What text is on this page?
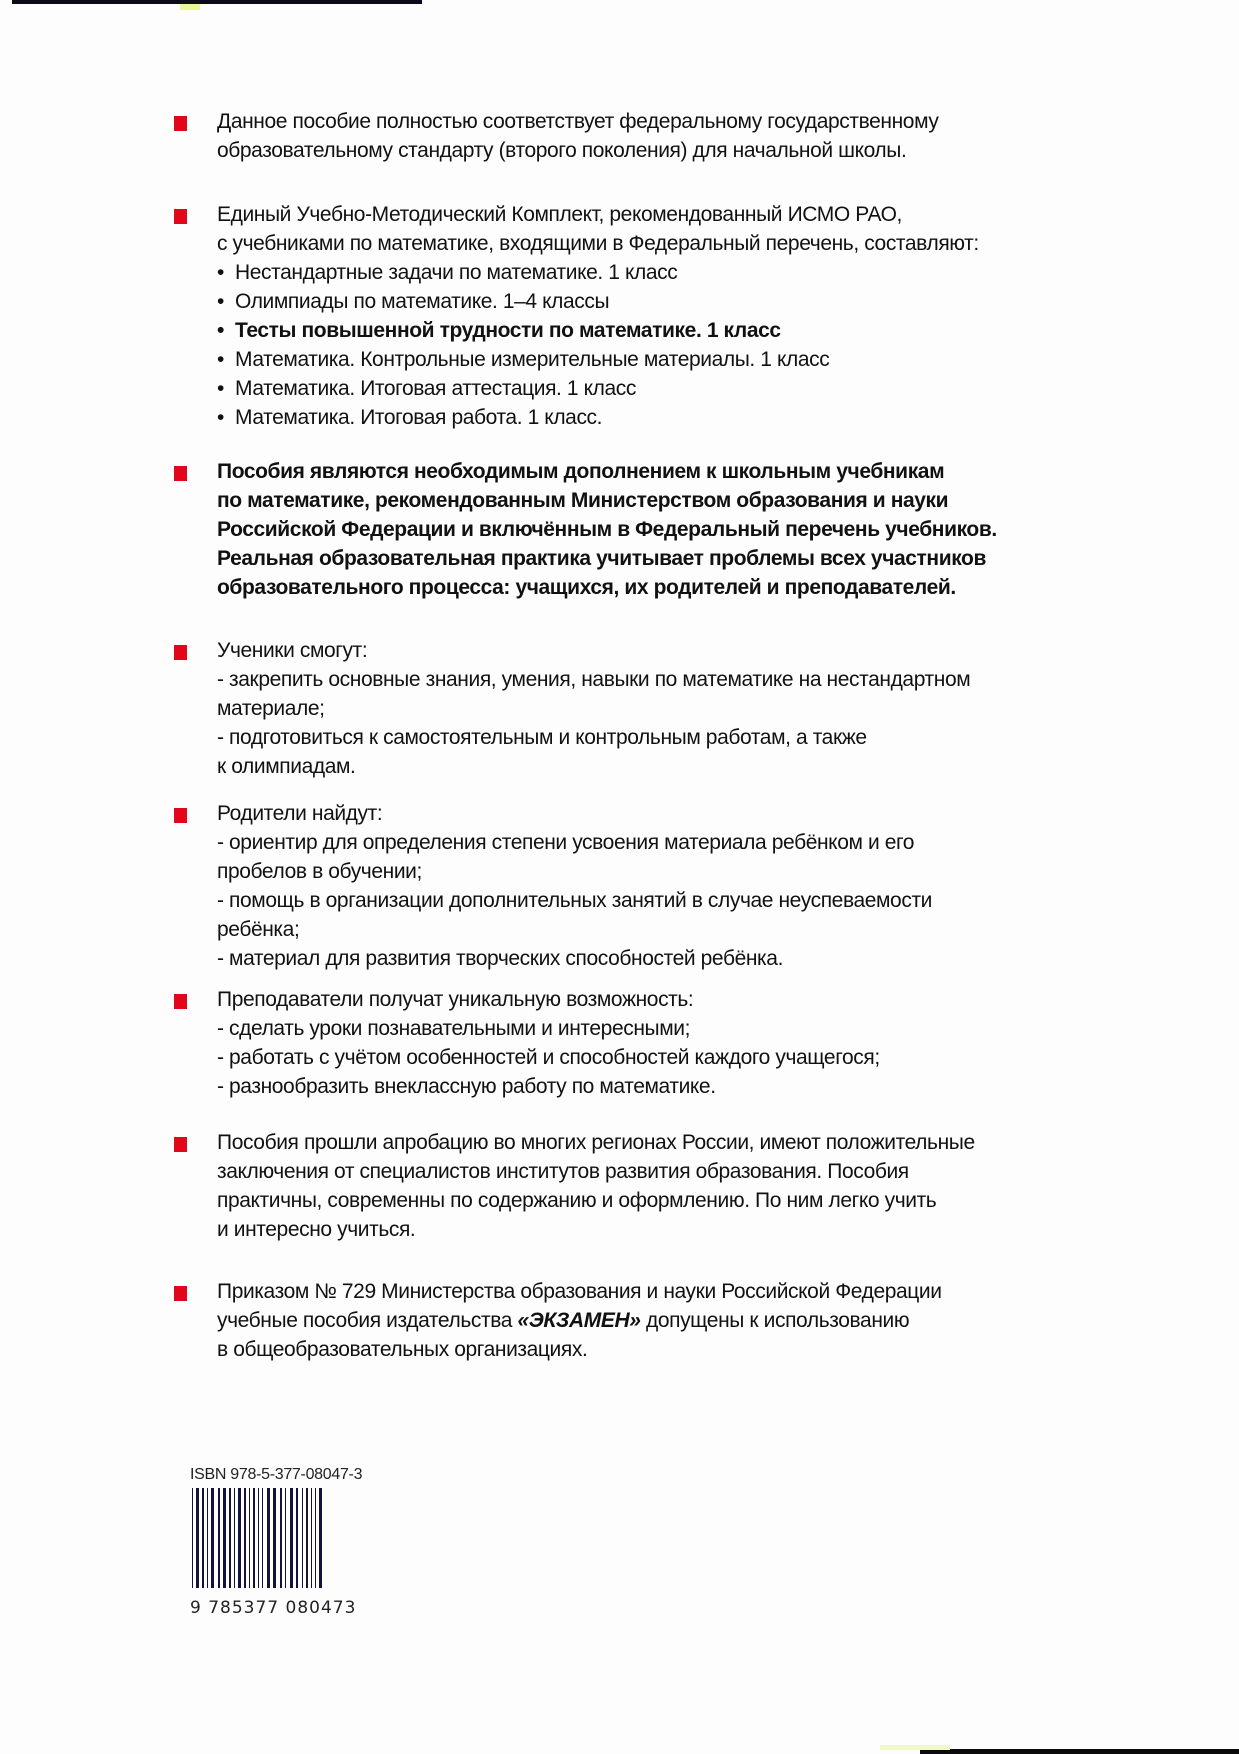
Данное пособие полностью соответствует федеральному государственному

образовательному стандарту (второго поколения) для начальной школы.

Единый Учебно-Методический Комплект, рекомендованный ИСМО РАО,

с учебниками по математике, входящими в Федеральный перечень, составляют:

• Нестандартные задачи по математике. 1 класс
• Олимпиады по математике. 1–4 классы
• Тесты повышенной трудности по математике. 1 класс
• Математика. Контрольные измерительные материалы. 1 класс
• Математика. Итоговая аттестация. 1 класс
• Математика. Итоговая работа. 1 класс.

Пособия являются необходимым дополнением к школьным учебникам

по математике, рекомендованным Министерством образования и науки

Российской Федерации и включённым в Федеральный перечень учебников.

Реальная образовательная практика учитывает проблемы всех участников

образовательного процесса: учащихся, их родителей и преподавателей.

Ученики смогут:

- закрепить основные знания, умения, навыки по математике на нестандартном

материале;

- подготовиться к самостоятельным и контрольным работам, а также

к олимпиадам.

Родители найдут:

- ориентир для определения степени усвоения материала ребёнком и его

пробелов в обучении;

- помощь в организации дополнительных занятий в случае неуспеваемости

ребёнка;

- материал для развития творческих способностей ребёнка.

Преподаватели получат уникальную возможность:

- сделать уроки познавательными и интересными;

- работать с учётом особенностей и способностей каждого учащегося;

- разнообразить внеклассную работу по математике.

Пособия прошли апробацию во многих регионах России, имеют положительные

заключения от специалистов институтов развития образования. Пособия

практичны, современны по содержанию и оформлению. По ним легко учить

и интересно учиться.

Приказом № 729 Министерства образования и науки Российской Федерации

учебные пособия издательства «ЭКЗАМЕН» допущены к использованию

в общеобразовательных организациях.

ISBN 978-5-377-08047-3
9 785377 080473
